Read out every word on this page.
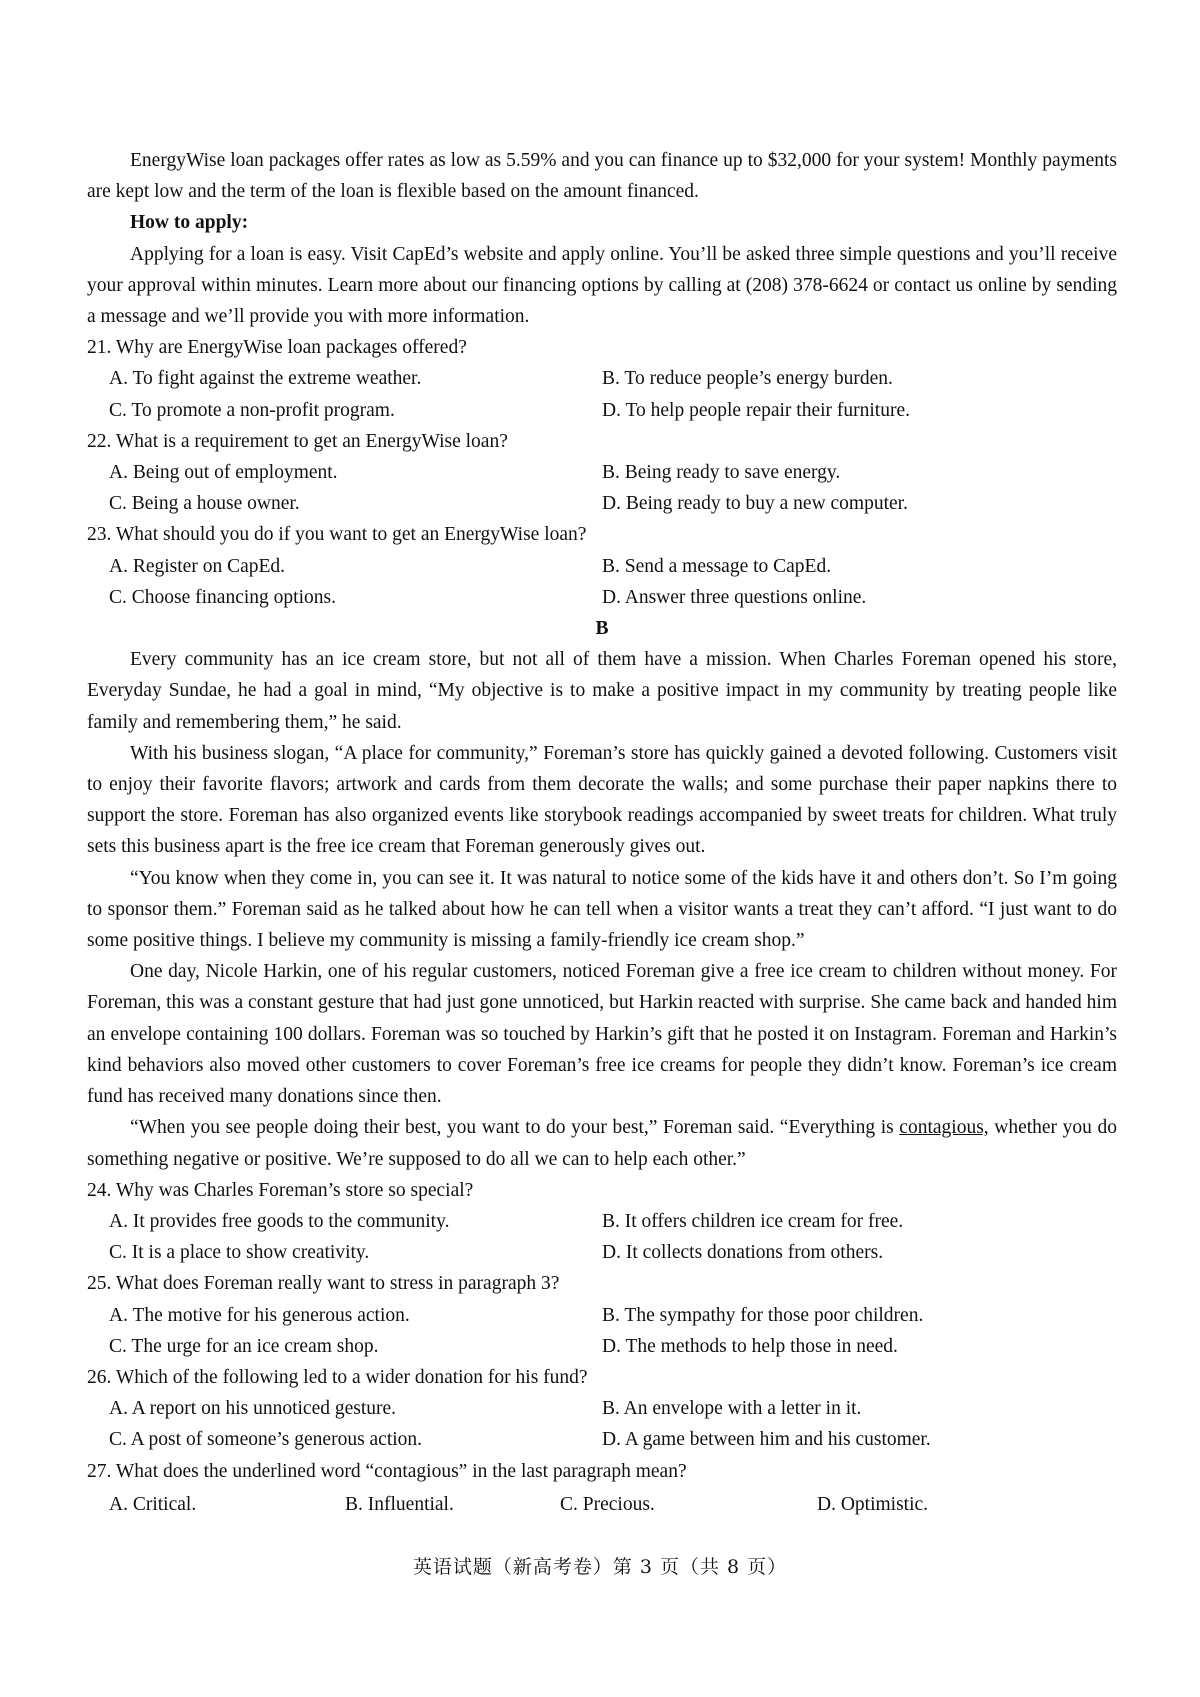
EnergyWise loan packages offer rates as low as 5.59% and you can finance up to $32,000 for your system! Monthly payments are kept low and the term of the loan is flexible based on the amount financed.

How to apply:

Applying for a loan is easy. Visit CapEd’s website and apply online. You’ll be asked three simple questions and you’ll receive your approval within minutes. Learn more about our financing options by calling at (208) 378-6624 or contact us online by sending a message and we’ll provide you with more information.

21. Why are EnergyWise loan packages offered?

A. To fight against the extreme weather.	B. To reduce people’s energy burden.
C. To promote a non-profit program.	D. To help people repair their furniture.

22. What is a requirement to get an EnergyWise loan?

A. Being out of employment.	B. Being ready to save energy.
C. Being a house owner.	D. Being ready to buy a new computer.

23. What should you do if you want to get an EnergyWise loan?

A. Register on CapEd.	B. Send a message to CapEd.
C. Choose financing options.	D. Answer three questions online.

B

Every community has an ice cream store, but not all of them have a mission. When Charles Foreman opened his store, Everyday Sundae, he had a goal in mind, “My objective is to make a positive impact in my community by treating people like family and remembering them,” he said.

With his business slogan, “A place for community,” Foreman’s store has quickly gained a devoted following. Customers visit to enjoy their favorite flavors; artwork and cards from them decorate the walls; and some purchase their paper napkins there to support the store. Foreman has also organized events like storybook readings accompanied by sweet treats for children. What truly sets this business apart is the free ice cream that Foreman generously gives out.

“You know when they come in, you can see it. It was natural to notice some of the kids have it and others don’t. So I’m going to sponsor them.” Foreman said as he talked about how he can tell when a visitor wants a treat they can’t afford. “I just want to do some positive things. I believe my community is missing a family-friendly ice cream shop.”

One day, Nicole Harkin, one of his regular customers, noticed Foreman give a free ice cream to children without money. For Foreman, this was a constant gesture that had just gone unnoticed, but Harkin reacted with surprise. She came back and handed him an envelope containing 100 dollars. Foreman was so touched by Harkin’s gift that he posted it on Instagram. Foreman and Harkin’s kind behaviors also moved other customers to cover Foreman’s free ice creams for people they didn’t know. Foreman’s ice cream fund has received many donations since then.

“When you see people doing their best, you want to do your best,” Foreman said. “Everything is contagious, whether you do something negative or positive. We’re supposed to do all we can to help each other.”

24. Why was Charles Foreman’s store so special?

A. It provides free goods to the community.	B. It offers children ice cream for free.
C. It is a place to show creativity.	D. It collects donations from others.

25. What does Foreman really want to stress in paragraph 3?

A. The motive for his generous action.	B. The sympathy for those poor children.
C. The urge for an ice cream shop.	D. The methods to help those in need.

26. Which of the following led to a wider donation for his fund?

A. A report on his unnoticed gesture.	B. An envelope with a letter in it.
C. A post of someone’s generous action.	D. A game between him and his customer.

27. What does the underlined word “contagious” in the last paragraph mean?

A. Critical.	B. Influential.	C. Precious.	D. Optimistic.
英语试题（新高考卷）第 3 页（共 8 页）
